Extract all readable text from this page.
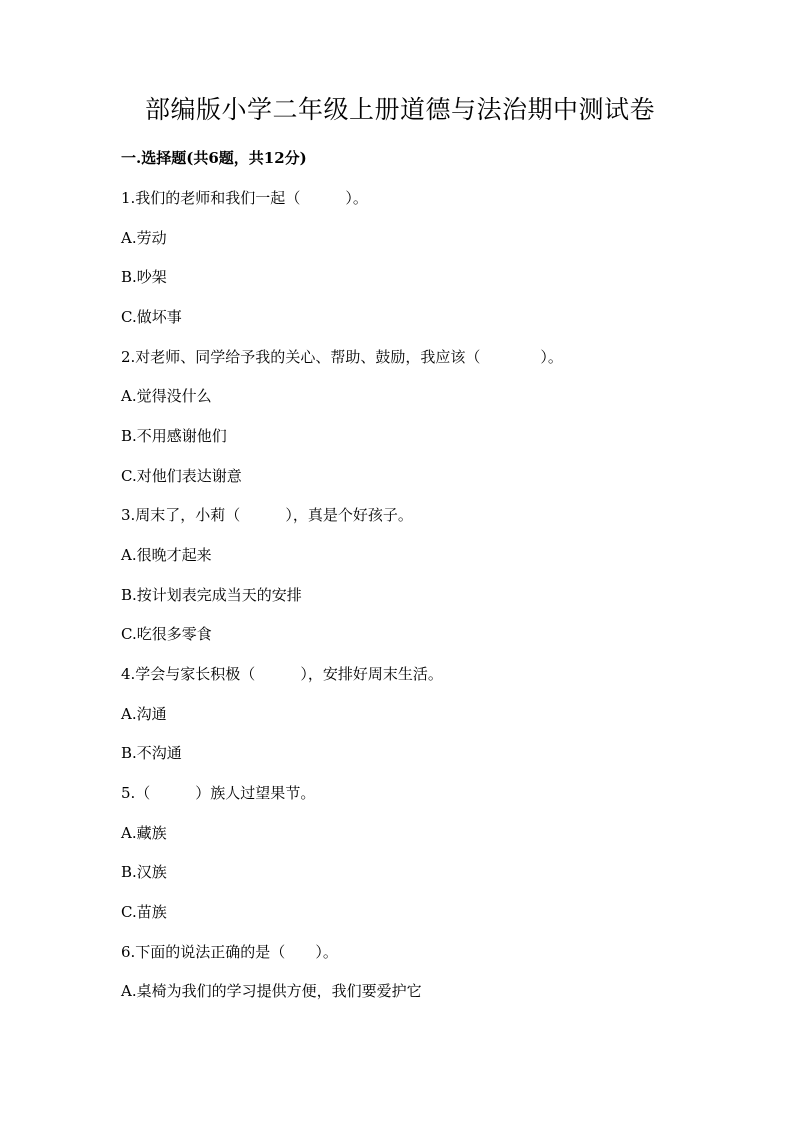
部编版小学二年级上册道德与法治期中测试卷
一.选择题(共6题，共12分)
1.我们的老师和我们一起（　　　）。
A.劳动
B.吵架
C.做坏事
2.对老师、同学给予我的关心、帮助、鼓励，我应该（　　　　）。
A.觉得没什么
B.不用感谢他们
C.对他们表达谢意
3.周末了，小莉（　　　），真是个好孩子。
A.很晚才起来
B.按计划表完成当天的安排
C.吃很多零食
4.学会与家长积极（　　　），安排好周末生活。
A.沟通
B.不沟通
5.（　　　）族人过望果节。
A.藏族
B.汉族
C.苗族
6.下面的说法正确的是（　　）。
A.桌椅为我们的学习提供方便，我们要爱护它
